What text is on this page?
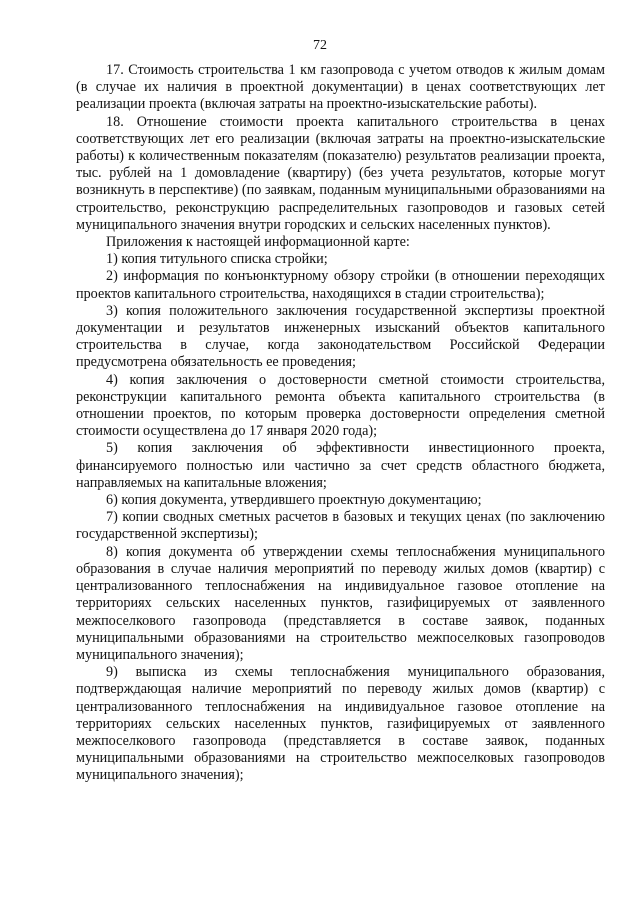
72

17. Стоимость строительства 1 км газопровода с учетом отводов к жилым домам (в случае их наличия в проектной документации) в ценах соответствующих лет реализации проекта (включая затраты на проектно-изыскательские работы).

18. Отношение стоимости проекта капитального строительства в ценах соответствующих лет его реализации (включая затраты на проектно-изыскательские работы) к количественным показателям (показателю) результатов реализации проекта, тыс. рублей на 1 домовладение (квартиру) (без учета результатов, которые могут возникнуть в перспективе) (по заявкам, поданным муниципальными образованиями на строительство, реконструкцию распределительных газопроводов и газовых сетей муниципального значения внутри городских и сельских населенных пунктов).

Приложения к настоящей информационной карте:

1) копия титульного списка стройки;

2) информация по конъюнктурному обзору стройки (в отношении переходящих проектов капитального строительства, находящихся в стадии строительства);

3) копия положительного заключения государственной экспертизы проектной документации и результатов инженерных изысканий объектов капитального строительства в случае, когда законодательством Российской Федерации предусмотрена обязательность ее проведения;

4) копия заключения о достоверности сметной стоимости строительства, реконструкции капитального ремонта объекта капитального строительства (в отношении проектов, по которым проверка достоверности определения сметной стоимости осуществлена до 17 января 2020 года);

5) копия заключения об эффективности инвестиционного проекта, финансируемого полностью или частично за счет средств областного бюджета, направляемых на капитальные вложения;

6) копия документа, утвердившего проектную документацию;

7) копии сводных сметных расчетов в базовых и текущих ценах (по заключению государственной экспертизы);

8) копия документа об утверждении схемы теплоснабжения муниципального образования в случае наличия мероприятий по переводу жилых домов (квартир) с централизованного теплоснабжения на индивидуальное газовое отопление на территориях сельских населенных пунктов, газифицируемых от заявленного межпоселкового газопровода (представляется в составе заявок, поданных муниципальными образованиями на строительство межпоселковых газопроводов муниципального значения);

9) выписка из схемы теплоснабжения муниципального образования, подтверждающая наличие мероприятий по переводу жилых домов (квартир) с централизованного теплоснабжения на индивидуальное газовое отопление на территориях сельских населенных пунктов, газифицируемых от заявленного межпоселкового газопровода (представляется в составе заявок, поданных муниципальными образованиями на строительство межпоселковых газопроводов муниципального значения);
